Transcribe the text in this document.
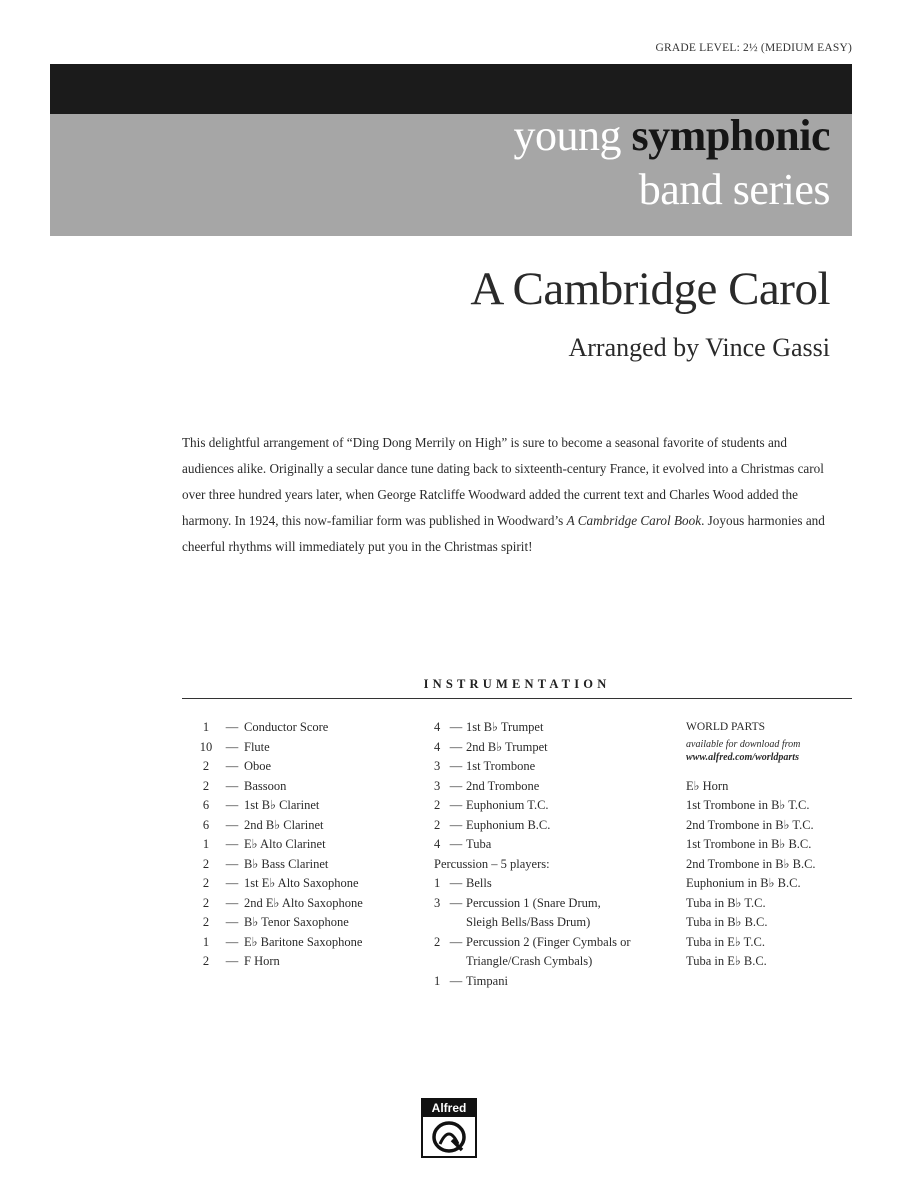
GRADE LEVEL: 2½ (MEDIUM EASY)
young symphonic
band series
A Cambridge Carol
Arranged by Vince Gassi
This delightful arrangement of “Ding Dong Merrily on High” is sure to become a seasonal favorite of students and audiences alike. Originally a secular dance tune dating back to sixteenth-century France, it evolved into a Christmas carol over three hundred years later, when George Ratcliffe Woodward added the current text and Charles Wood added the harmony. In 1924, this now-familiar form was published in Woodward’s A Cambridge Carol Book. Joyous harmonies and cheerful rhythms will immediately put you in the Christmas spirit!
INSTRUMENTATION
1	— Conductor Score
10	— Flute
2	— Oboe
2	— Bassoon
6	— 1st B♭ Clarinet
6	— 2nd B♭ Clarinet
1	— E♭ Alto Clarinet
2	— B♭ Bass Clarinet
2	— 1st E♭ Alto Saxophone
2	— 2nd E♭ Alto Saxophone
2	— B♭ Tenor Saxophone
1	— E♭ Baritone Saxophone
2	— F Horn
4 — 1st B♭ Trumpet
4 — 2nd B♭ Trumpet
3 — 1st Trombone
3 — 2nd Trombone
2 — Euphonium T.C.
2 — Euphonium B.C.
4 — Tuba
Percussion – 5 players:
1 — Bells
3 — Percussion 1 (Snare Drum,
Sleigh Bells/Bass Drum)
2 — Percussion 2 (Finger Cymbals or
Triangle/Crash Cymbals)
1 — Timpani
WORLD PARTS
available for download from
www.alfred.com/worldparts
E♭ Horn
1st Trombone in B♭ T.C.
2nd Trombone in B♭ T.C.
1st Trombone in B♭ B.C.
2nd Trombone in B♭ B.C.
Euphonium in B♭ B.C.
Tuba in B♭ T.C.
Tuba in B♭ B.C.
Tuba in E♭ T.C.
Tuba in E♭ B.C.
Alfred
